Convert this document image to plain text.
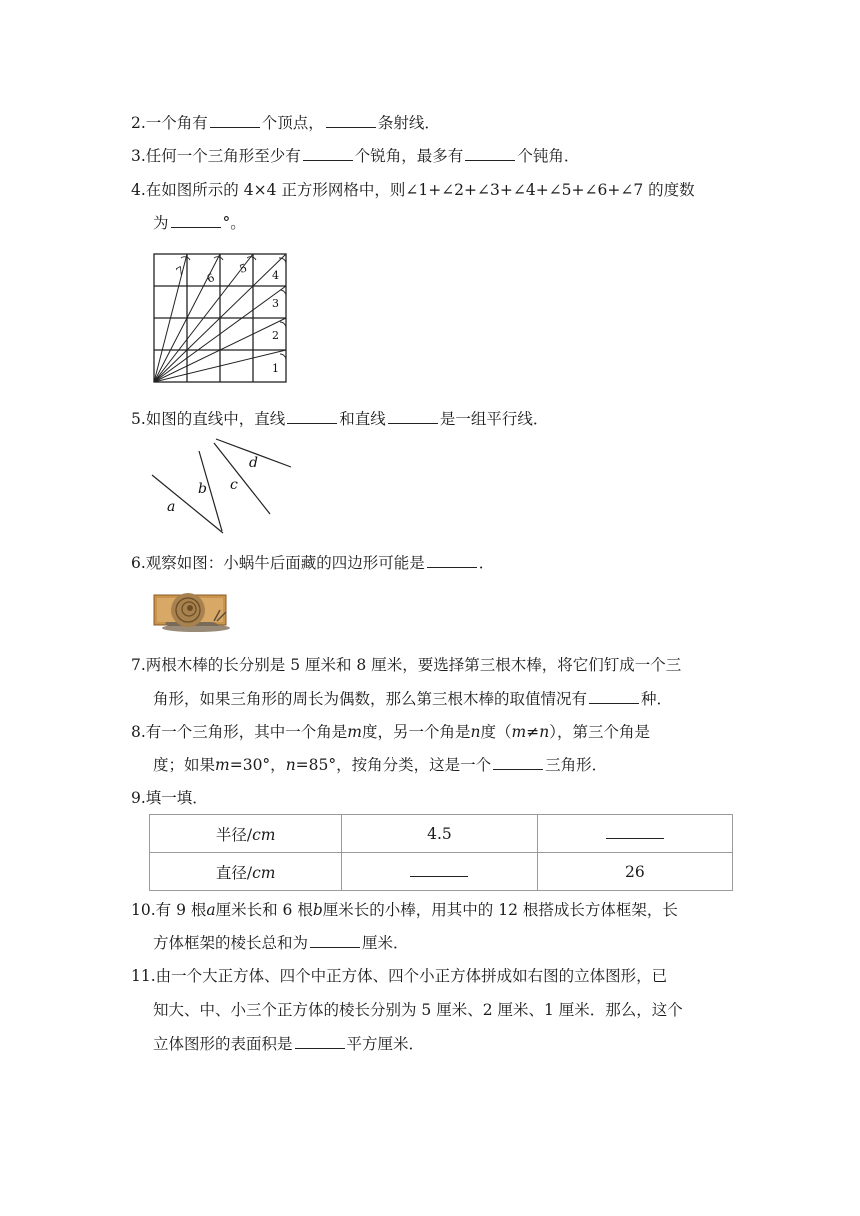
2.一个角有	个顶点，	条射线．
3.任何一个三角形至少有	个锐角，最多有	个钝角．
4.在如图所示的 4×4 正方形网格中，则∠1+∠2+∠3+∠4+∠5+∠6+∠7 的度数
为	°。
1
2
3
4
5
6
7
5.如图的直线中，直线	和直线	是一组平行线．
a
b c
d
6.观察如图：小蜗牛后面藏的四边形可能是	．
7.两根木棒的长分别是 5 厘米和 8 厘米，要选择第三根木棒，将它们钉成一个三
角形，如果三角形的周长为偶数，那么第三根木棒的取值情况有	种．
8.有一个三角形，其中一个角是m度，另一个角是n度（m≠n），第三个角是
度；如果m=30°，n=85°，按角分类，这是一个	三角形．
9.填一填．
半径/cm	4.5	
直径/cm		26
10.有 9 根a厘米长和 6 根b厘米长的小棒，用其中的 12 根搭成长方体框架，长
方体框架的棱长总和为	厘米．
11.由一个大正方体、四个中正方体、四个小正方体拼成如右图的立体图形，已
知大、中、小三个正方体的棱长分别为 5 厘米、2 厘米、1 厘米．那么，这个
立体图形的表面积是	平方厘米．
